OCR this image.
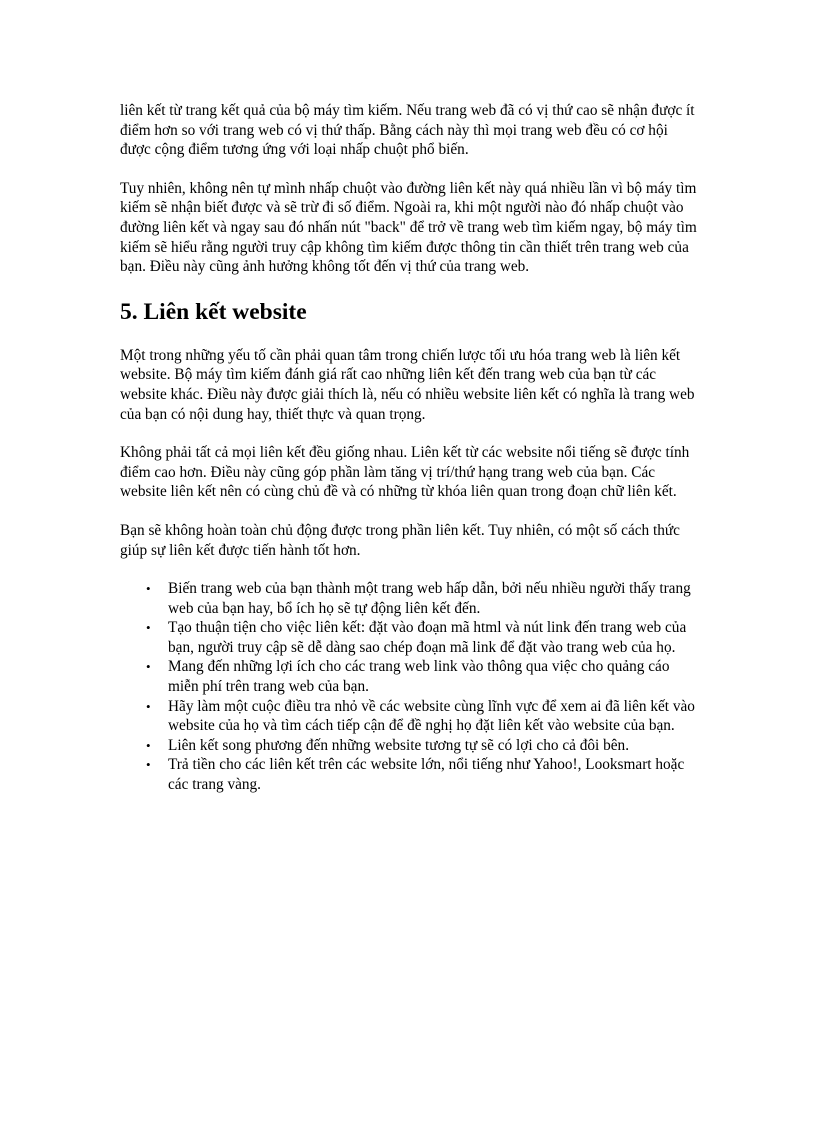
liên kết từ trang kết quả của bộ máy tìm kiếm. Nếu trang web đã có vị thứ cao sẽ nhận được ít điểm hơn so với trang web có vị thứ thấp. Bằng cách này thì mọi trang web đều có cơ hội được cộng điểm tương ứng với loại nhấp chuột phổ biến.

Tuy nhiên, không nên tự mình nhấp chuột vào đường liên kết này quá nhiều lần vì bộ máy tìm kiếm sẽ nhận biết được và sẽ trừ đi số điểm. Ngoài ra, khi một người nào đó nhấp chuột vào đường liên kết và ngay sau đó nhấn nút "back" để trở về trang web tìm kiếm ngay, bộ máy tìm kiếm sẽ hiểu rằng người truy cập không tìm kiếm được thông tin cần thiết trên trang web của bạn. Điều này cũng ảnh hưởng không tốt đến vị thứ của trang web.

5. Liên kết website

Một trong những yếu tố cần phải quan tâm trong chiến lược tối ưu hóa trang web là liên kết website. Bộ máy tìm kiếm đánh giá rất cao những liên kết đến trang web của bạn từ các website khác. Điều này được giải thích là, nếu có nhiều website liên kết có nghĩa là trang web của bạn có nội dung hay, thiết thực và quan trọng.

Không phải tất cả mọi liên kết đều giống nhau. Liên kết từ các website nổi tiếng sẽ được tính điểm cao hơn. Điều này cũng góp phần làm tăng vị trí/thứ hạng trang web của bạn. Các website liên kết nên có cùng chủ đề và có những từ khóa liên quan trong đoạn chữ liên kết.

Bạn sẽ không hoàn toàn chủ động được trong phần liên kết. Tuy nhiên, có một số cách thức giúp sự liên kết được tiến hành tốt hơn.

• Biến trang web của bạn thành một trang web hấp dẫn, bởi nếu nhiều người thấy trang web của bạn hay, bổ ích họ sẽ tự động liên kết đến.
• Tạo thuận tiện cho việc liên kết: đặt vào đoạn mã html và nút link đến trang web của bạn, người truy cập sẽ dễ dàng sao chép đoạn mã link để đặt vào trang web của họ.
• Mang đến những lợi ích cho các trang web link vào thông qua việc cho quảng cáo miễn phí trên trang web của bạn.
• Hãy làm một cuộc điều tra nhỏ về các website cùng lĩnh vực để xem ai đã liên kết vào website của họ và tìm cách tiếp cận để đề nghị họ đặt liên kết vào website của bạn.
• Liên kết song phương đến những website tương tự sẽ có lợi cho cả đôi bên.
• Trả tiền cho các liên kết trên các website lớn, nổi tiếng như Yahoo!, Looksmart hoặc các trang vàng.
